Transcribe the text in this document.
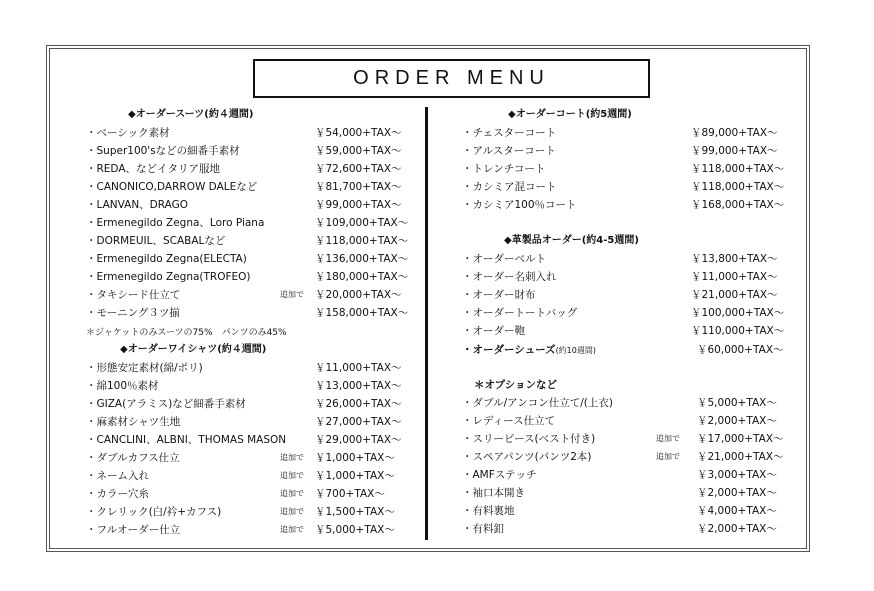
ORDER MENU
◆オーダースーツ(約４週間)
・ベーシック素材	￥54,000+TAX〜
・Super100'sなどの細番手素材	￥59,000+TAX〜
・REDA、などイタリア服地	￥72,600+TAX〜
・CANONICO,DARROW DALEなど	￥81,700+TAX〜
・LANVAN、DRAGO	￥99,000+TAX〜
・Ermenegildo Zegna、Loro Piana	￥109,000+TAX〜
・DORMEUIL、SCABALなど	￥118,000+TAX〜
・Ermenegildo Zegna(ELECTA)	￥136,000+TAX〜
・Ermenegildo Zegna(TROFEO)	￥180,000+TAX〜
・タキシード仕立て	追加で ￥20,000+TAX〜
・モーニング３ツ揃	￥158,000+TAX〜
＊ジャケットのみスーツの75%　パンツのみ45%
◆オーダーワイシャツ(約４週間)
・形態安定素材(綿/ポリ)	￥11,000+TAX〜
・綿100％素材	￥13,000+TAX〜
・GIZA(アラミス)など細番手素材	￥26,000+TAX〜
・麻素材シャツ生地	￥27,000+TAX〜
・CANCLINI、ALBNI、THOMAS MASON	￥29,000+TAX〜
・ダブルカフス仕立	追加で ￥1,000+TAX〜
・ネーム入れ	追加で ￥1,000+TAX〜
・カラー穴糸	追加で ￥700+TAX〜
・クレリック(白/衿+カフス)	追加で ￥1,500+TAX〜
・フルオーダー仕立	追加で ￥5,000+TAX〜
◆オーダーコート(約5週間)
・チェスターコート	￥89,000+TAX〜
・アルスターコート	￥99,000+TAX〜
・トレンチコート	￥118,000+TAX〜
・カシミア混コート	￥118,000+TAX〜
・カシミア100％コート	￥168,000+TAX〜
◆革製品オーダー(約4-5週間)
・オーダーベルト	￥13,800+TAX〜
・オーダー名刺入れ	￥11,000+TAX〜
・オーダー財布	￥21,000+TAX〜
・オーダートートバッグ	￥100,000+TAX〜
・オーダー鞄	￥110,000+TAX〜
・オーダーシューズ(約10週間)	￥60,000+TAX〜
＊オプションなど
・ダブル/アンコン仕立て/(上衣)	￥5,000+TAX〜
・レディース仕立て	￥2,000+TAX〜
・スリーピース(ベスト付き)	追加で ￥17,000+TAX〜
・スペアパンツ(パンツ2本)	追加で ￥21,000+TAX〜
・AMFステッチ	￥3,000+TAX〜
・袖口本開き	￥2,000+TAX〜
・有料裏地	￥4,000+TAX〜
・有料釦	￥2,000+TAX〜
